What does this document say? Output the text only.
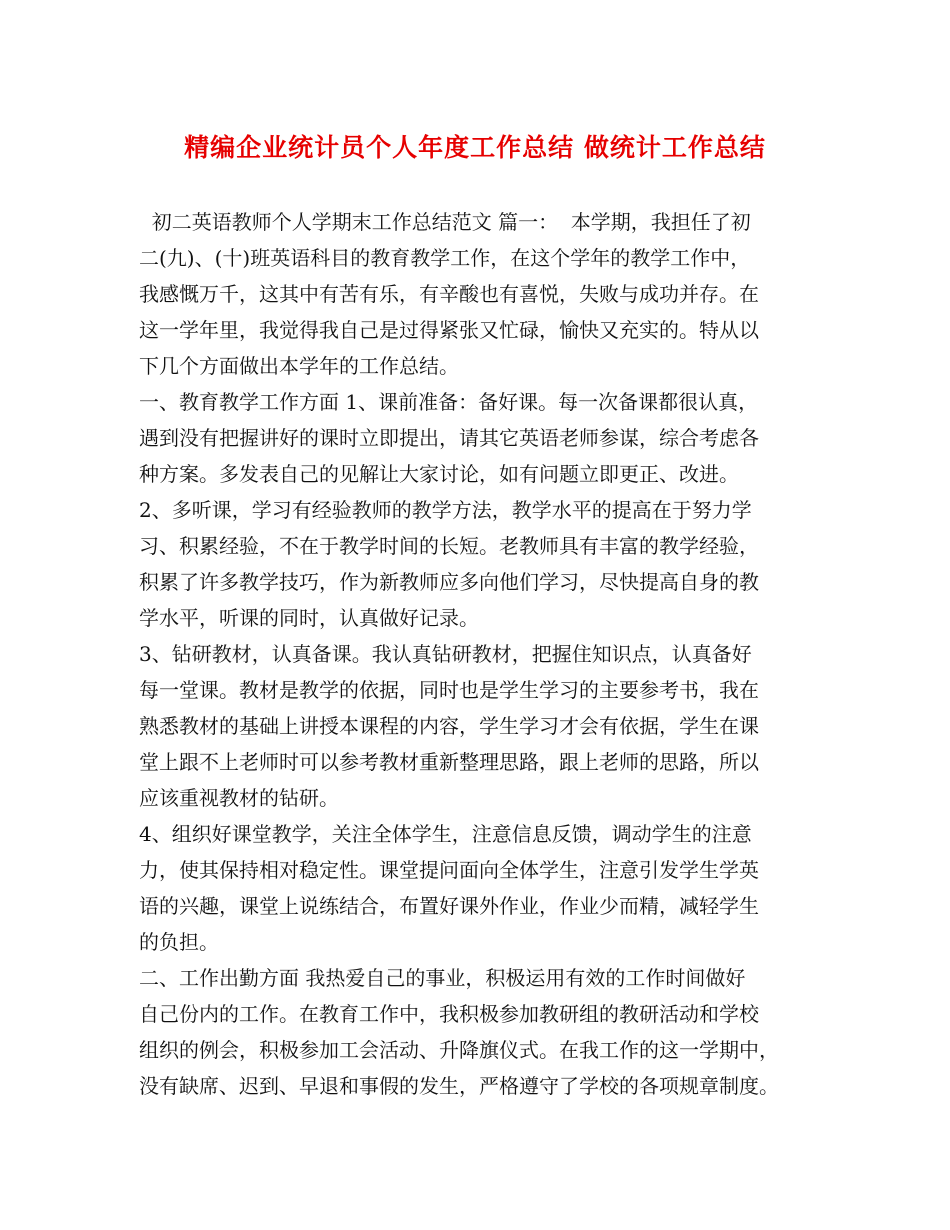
精编企业统计员个人年度工作总结 做统计工作总结
初二英语教师个人学期末工作总结范文 篇一：  本学期，我担任了初
二(九)、(十)班英语科目的教育教学工作，在这个学年的教学工作中，
我感慨万千，这其中有苦有乐，有辛酸也有喜悦，失败与成功并存。在
这一学年里，我觉得我自己是过得紧张又忙碌，愉快又充实的。特从以
下几个方面做出本学年的工作总结。
一、教育教学工作方面 1、课前准备：备好课。每一次备课都很认真，
遇到没有把握讲好的课时立即提出，请其它英语老师参谋，综合考虑各
种方案。多发表自己的见解让大家讨论，如有问题立即更正、改进。
2、多听课，学习有经验教师的教学方法，教学水平的提高在于努力学
习、积累经验，不在于教学时间的长短。老教师具有丰富的教学经验，
积累了许多教学技巧，作为新教师应多向他们学习，尽快提高自身的教
学水平，听课的同时，认真做好记录。
3、钻研教材，认真备课。我认真钻研教材，把握住知识点，认真备好
每一堂课。教材是教学的依据，同时也是学生学习的主要参考书，我在
熟悉教材的基础上讲授本课程的内容，学生学习才会有依据，学生在课
堂上跟不上老师时可以参考教材重新整理思路，跟上老师的思路，所以
应该重视教材的钻研。
4、组织好课堂教学，关注全体学生，注意信息反馈，调动学生的注意
力，使其保持相对稳定性。课堂提问面向全体学生，注意引发学生学英
语的兴趣，课堂上说练结合，布置好课外作业，作业少而精，减轻学生
的负担。
二、工作出勤方面 我热爱自己的事业，积极运用有效的工作时间做好
自己份内的工作。在教育工作中，我积极参加教研组的教研活动和学校
组织的例会，积极参加工会活动、升降旗仪式。在我工作的这一学期中，
没有缺席、迟到、早退和事假的发生，严格遵守了学校的各项规章制度。
